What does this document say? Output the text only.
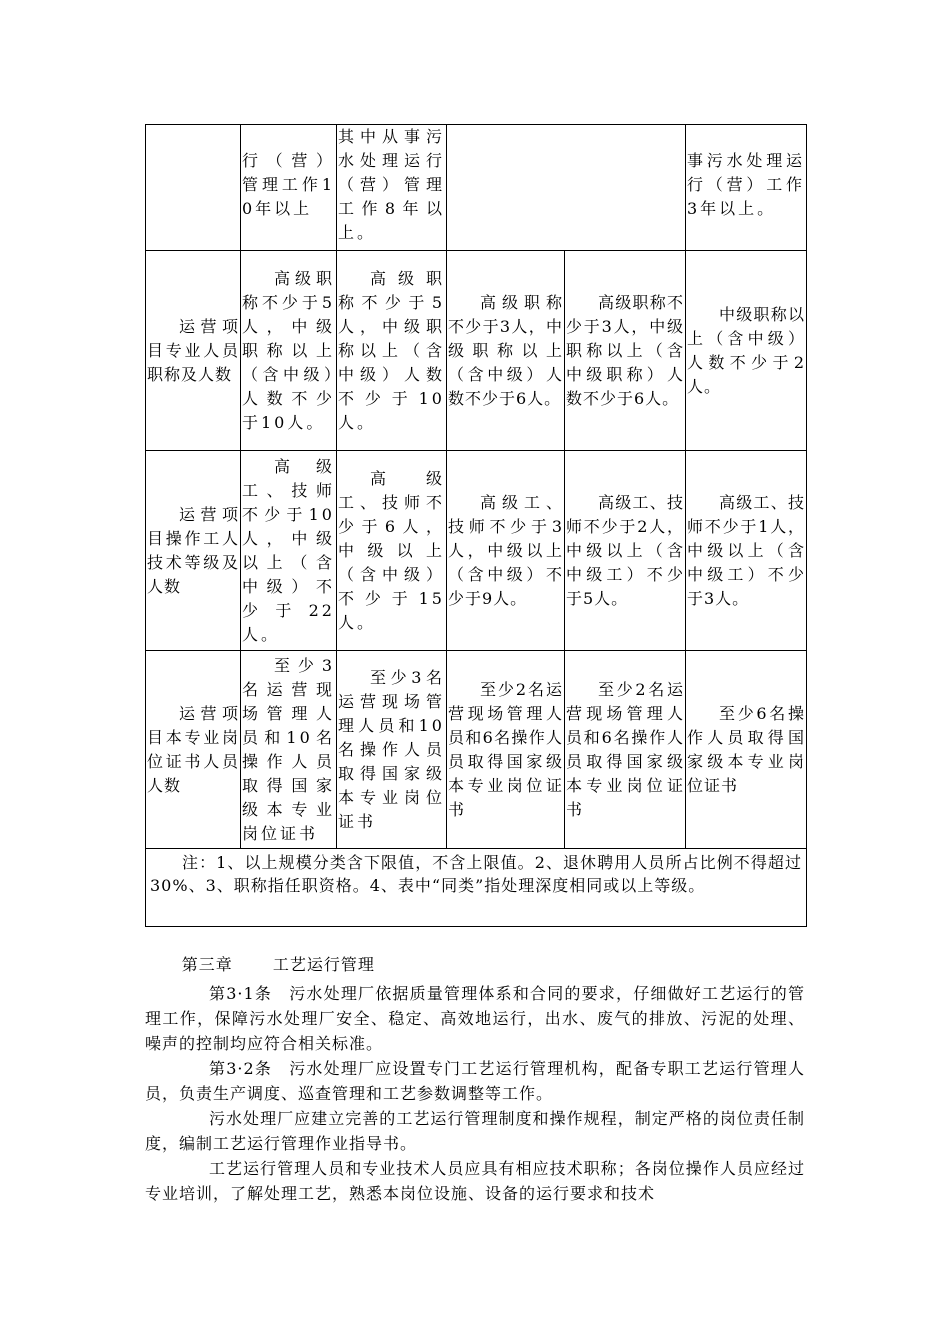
	行（营）管理工作10年以上	其中从事污水处理运行（营）管理工作8年以上。			事污水处理运行（营）工作3年以上。
运营项目专业人员职称及人数	高级职称不少于5人，中级职称以上（含中级）人数不少于10人。	高级职称不少于5人，中级职称以上（含中级）人数不少于10人。	高级职称不少于3人，中级职称以上（含中级）人数不少于6人。	高级职称不少于3人，中级职称以上（含中级职称）人数不少于6人。	中级职称以上（含中级）人数不少于2人。
运营项目操作工人技术等级及人数	高级工、技师不少于10人，中级以上（含中级）不少于22人。	高级工、技师不少于6人，中级以上（含中级）不少于15人。	高级工、技师不少于3人，中级以上（含中级）不少于9人。	高级工、技师不少于2人，中级以上（含中级工）不少于5人。	高级工、技师不少于1人，中级以上（含中级工）不少于3人。
运营项目本专业岗位证书人员人数	至少3名运营现场管理人员和10名操作人员取得国家级本专业岗位证书	至少3名运营现场管理人员和10名操作人员取得国家级本专业岗位证书	至少2名运营现场管理人员和6名操作人员取得国家级本专业岗位证书	至少2名运营现场管理人员和6名操作人员取得国家级本专业岗位证书	至少6名操作人员取得国家级本专业岗位证书
注：1、以上规模分类含下限值，不含上限值。2、退休聘用人员所占比例不得超过30%、3、职称指任职资格。4、表中“同类”指处理深度相同或以上等级。					

第三章	工艺运行管理

第3·1条　污水处理厂依据质量管理体系和合同的要求，仔细做好工艺运行的管理工作，保障污水处理厂安全、稳定、高效地运行，出水、废气的排放、污泥的处理、噪声的控制均应符合相关标准。

第3·2条　污水处理厂应设置专门工艺运行管理机构，配备专职工艺运行管理人员，负责生产调度、巡查管理和工艺参数调整等工作。

污水处理厂应建立完善的工艺运行管理制度和操作规程，制定严格的岗位责任制度，编制工艺运行管理作业指导书。

工艺运行管理人员和专业技术人员应具有相应技术职称；各岗位操作人员应经过专业培训，了解处理工艺，熟悉本岗位设施、设备的运行要求和技术
